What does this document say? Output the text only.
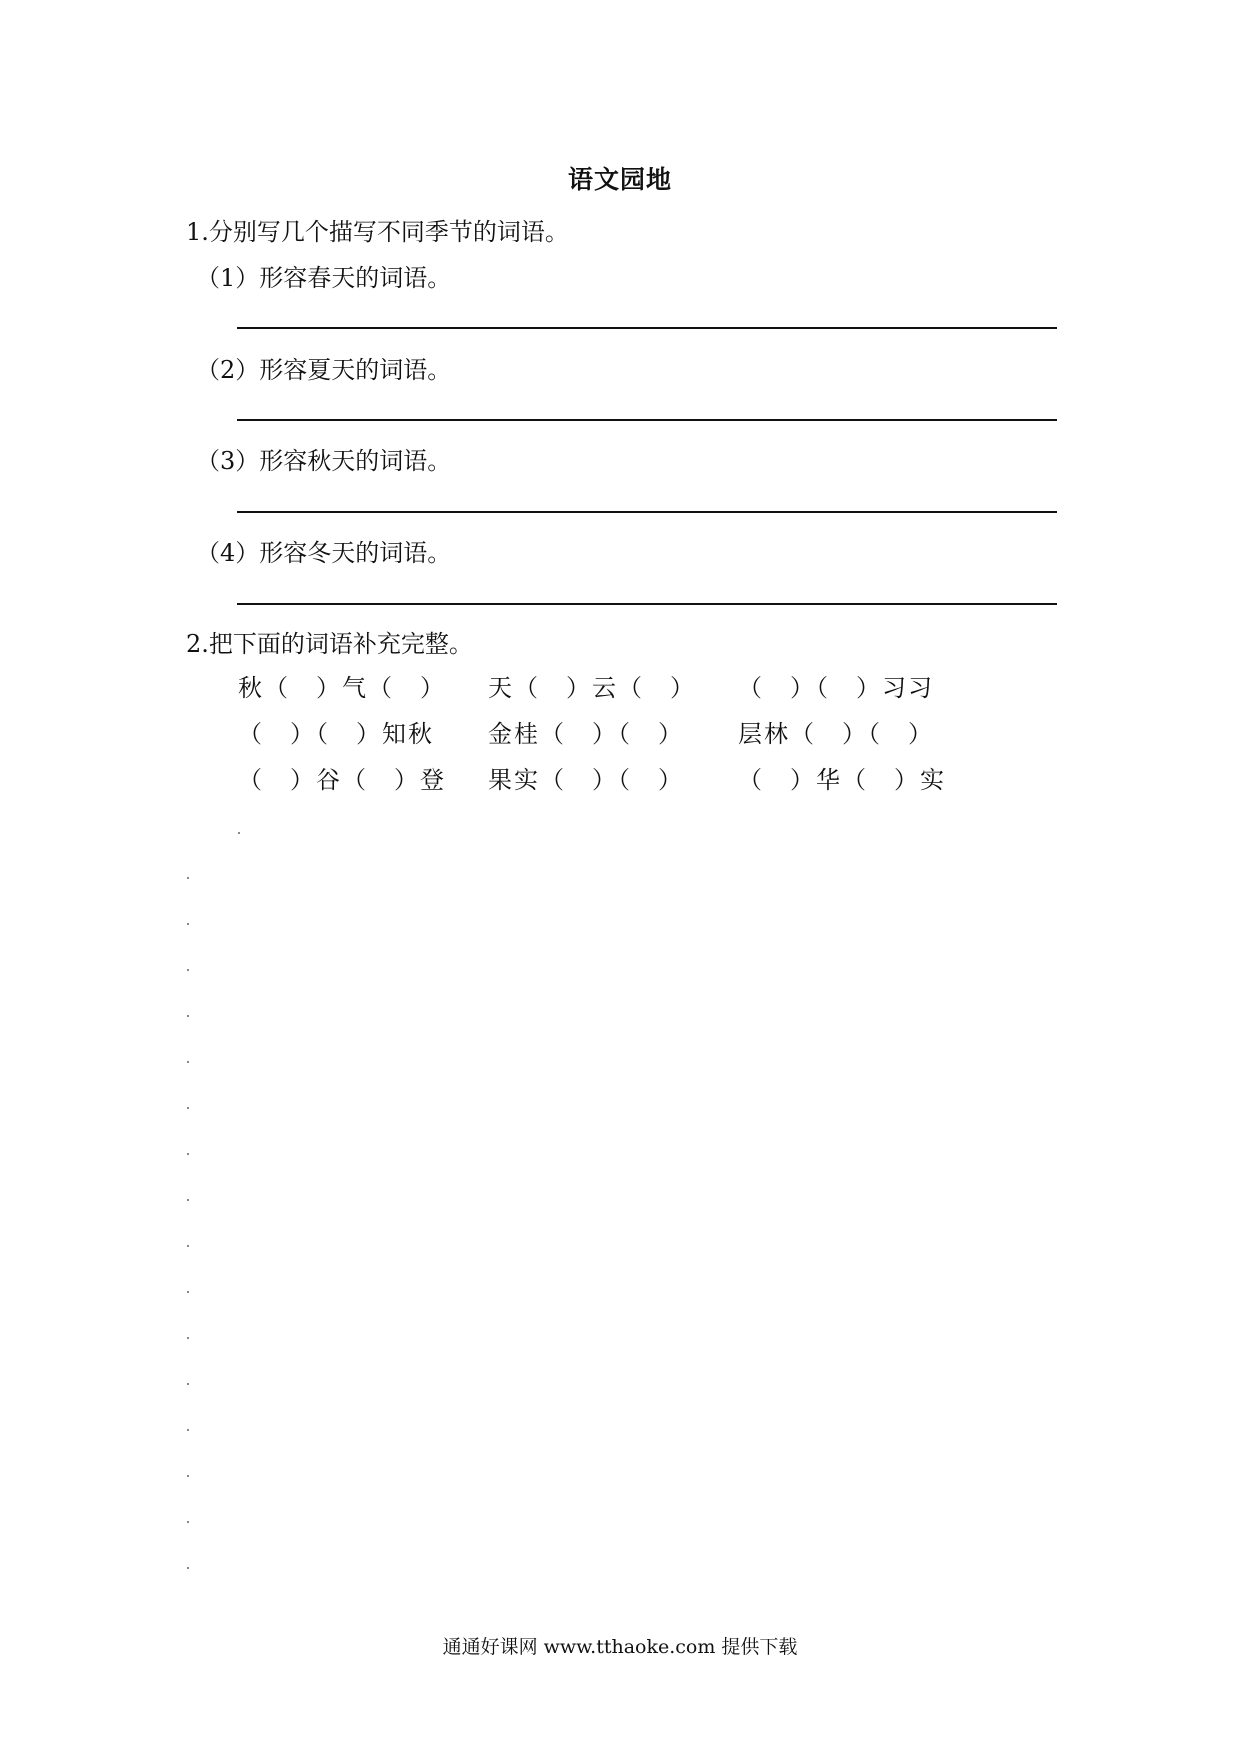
语文园地
1.分别写几个描写不同季节的词语。
（1）形容春天的词语。
（2）形容夏天的词语。
（3）形容秋天的词语。
（4）形容冬天的词语。
2.把下面的词语补充完整。
秋（　）气（　） 天（　）云（　） （　）（　）习习
（　）（　）知秋 金桂（　）（　） 层林（　）（　）
（　）谷（　）登 果实（　）（　） （　）华（　）实
通通好课网 www.tthaoke.com 提供下载
